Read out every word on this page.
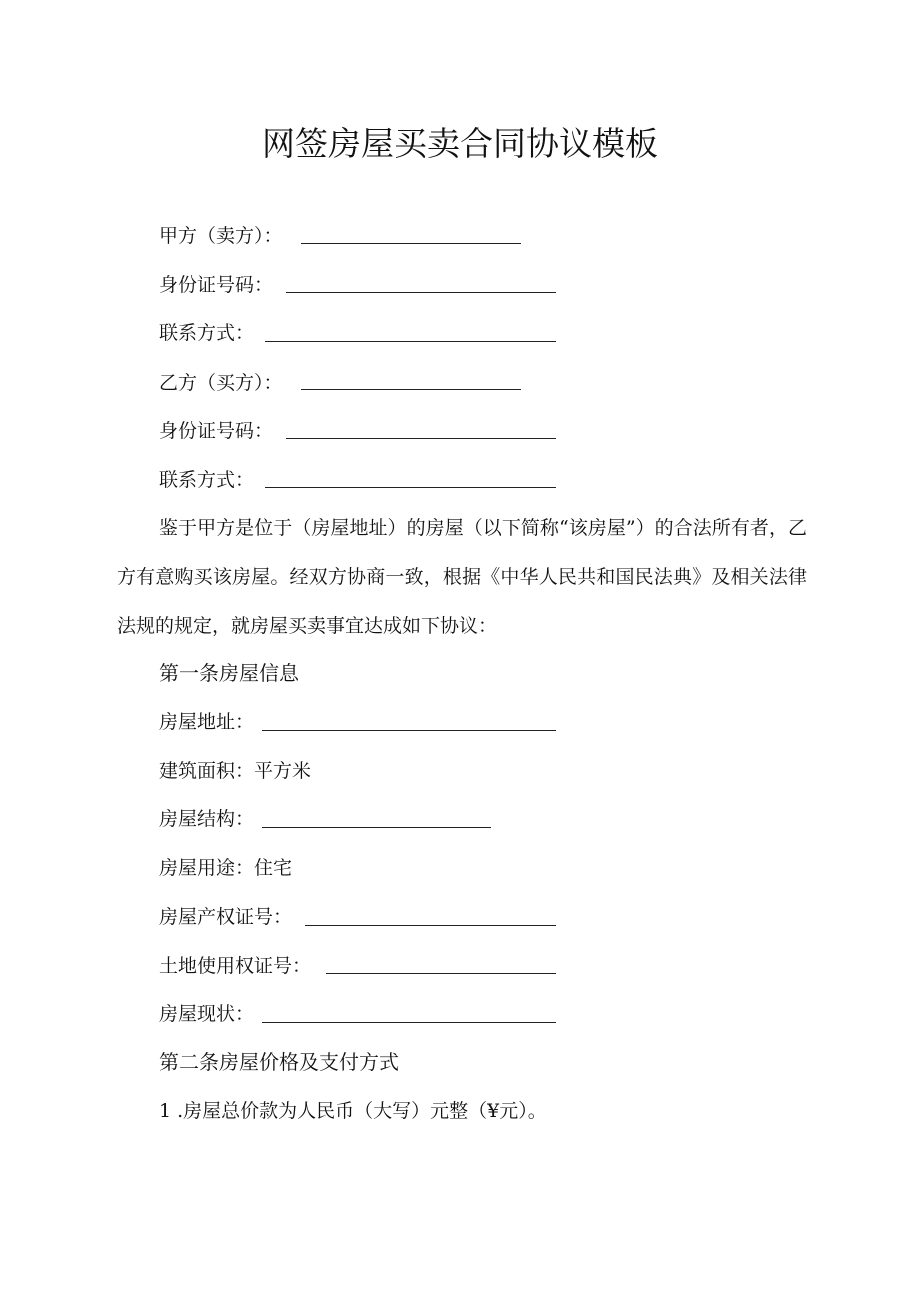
网签房屋买卖合同协议模板
甲方（卖方）：
身份证号码：
联系方式：
乙方（买方）：
身份证号码：
联系方式：
鉴于甲方是位于（房屋地址）的房屋（以下简称“该房屋”）的合法所有者，乙方有意购买该房屋。经双方协商一致，根据《中华人民共和国民法典》及相关法律法规的规定，就房屋买卖事宜达成如下协议：
第一条房屋信息
房屋地址：
建筑面积：平方米
房屋结构：
房屋用途：住宅
房屋产权证号：
土地使用权证号：
房屋现状：
第二条房屋价格及支付方式
1 .房屋总价款为人民币（大写）元整（¥元）。
